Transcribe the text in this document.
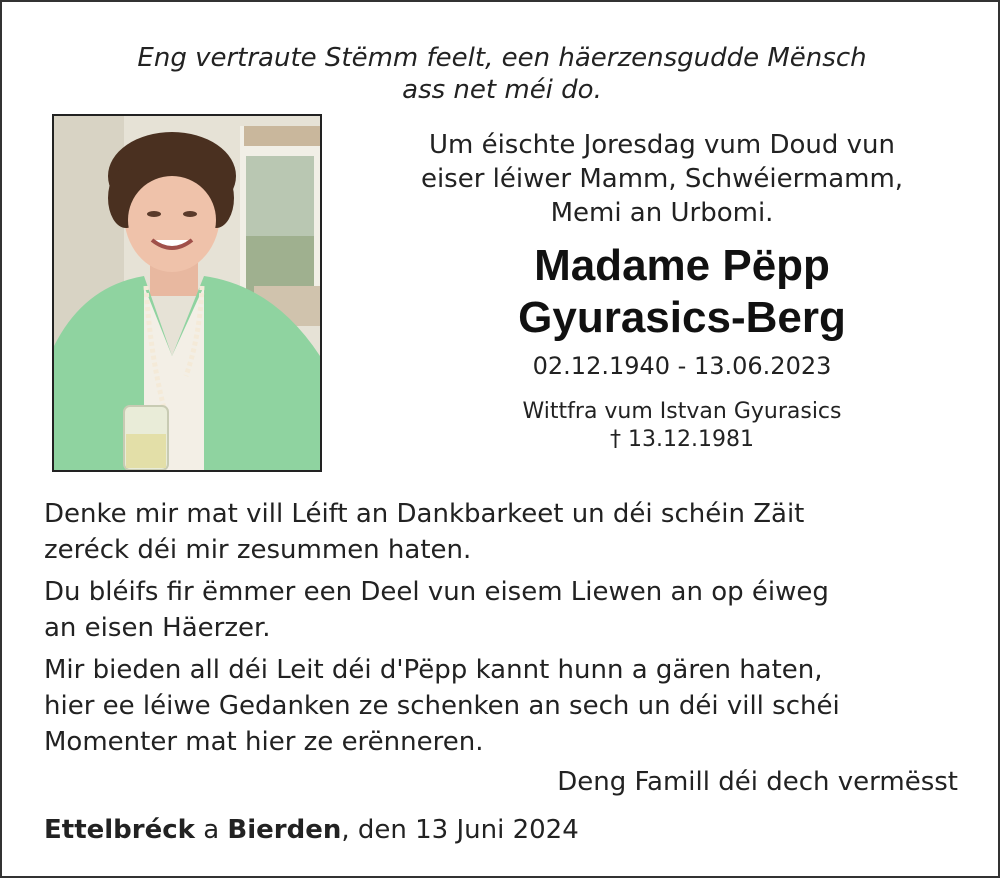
Eng vertraute Stëmm feelt, een häerzensgudde Mënsch
ass net méi do.
Um éischte Joresdag vum Doud vun
eiser léiwer Mamm, Schwéiermamm,
Memi an Urbomi.
Madame Pëpp
Gyurasics-Berg
02.12.1940 - 13.06.2023
Wittfra vum Istvan Gyurasics
† 13.12.1981
Denke mir mat vill Léift an Dankbarkeet un déi schéin Zäit
zeréck déi mir zesummen haten.
Du bléifs fir ëmmer een Deel vun eisem Liewen an op éiweg
an eisen Häerzer.
Mir bieden all déi Leit déi d'Pëpp kannt hunn a gären haten,
hier ee léiwe Gedanken ze schenken an sech un déi vill schéi
Momenter mat hier ze erënneren.
Deng Famill déi dech vermësst
Ettelbréck a Bierden, den 13 Juni 2024
